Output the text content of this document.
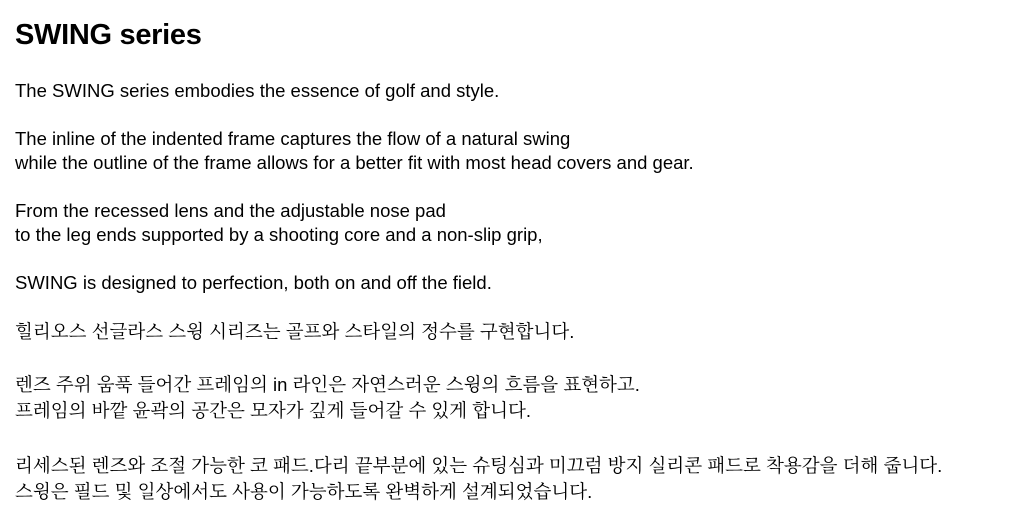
SWING series

The SWING series embodies the essence of golf and style.

The inline of the indented frame captures the flow of a natural swing

while the outline of the frame allows for a better fit with most head covers and gear.

From the recessed lens and the adjustable nose pad

to the leg ends supported by a shooting core and a non-slip grip,

SWING is designed to perfection, both on and off the field.

힐리오스 선글라스 스윙 시리즈는 골프와 스타일의 정수를 구현합니다.

렌즈 주위 움푹 들어간 프레임의 in 라인은 자연스러운 스윙의 흐름을 표현하고.

프레임의 바깥 윤곽의 공간은 모자가 깊게 들어갈 수 있게 합니다.

리세스된 렌즈와 조절 가능한 코 패드.다리 끝부분에 있는 슈팅심과 미끄럼 방지 실리콘 패드로 착용감을 더해 줍니다.

스윙은 필드 및 일상에서도 사용이 가능하도록 완벽하게 설계되었습니다.
